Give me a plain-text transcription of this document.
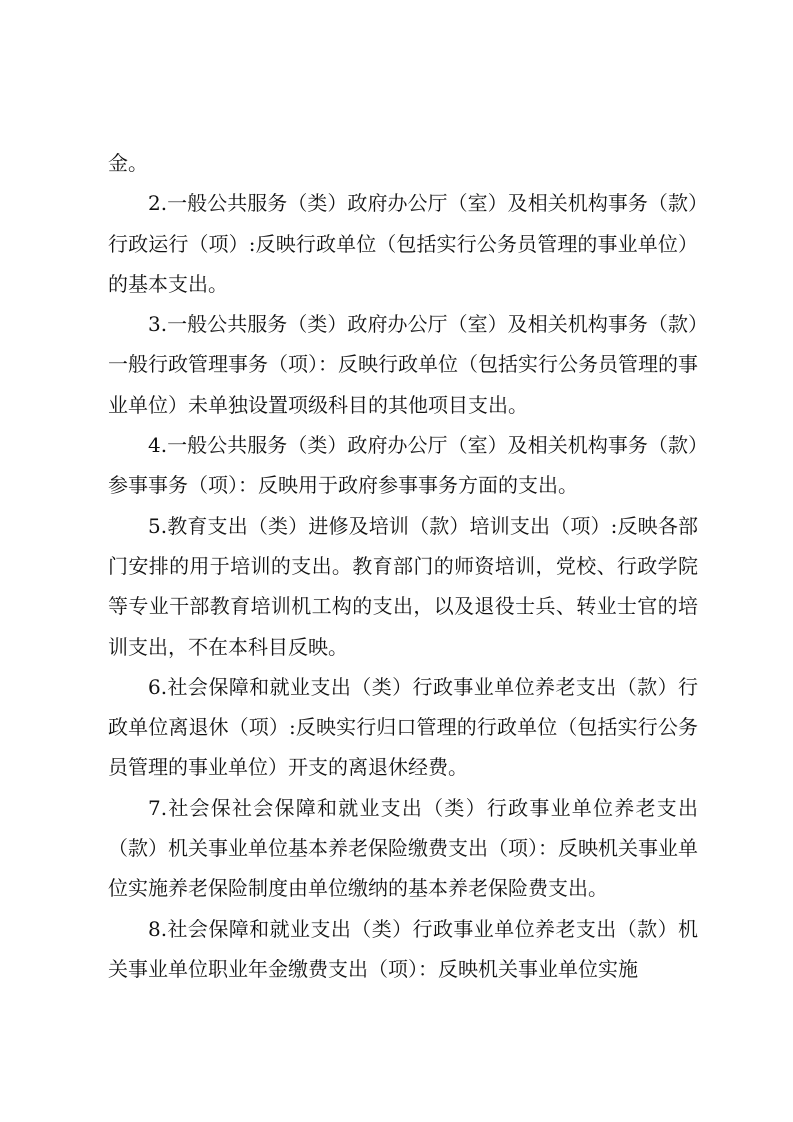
金。

2.一般公共服务（类）政府办公厅（室）及相关机构事务（款）行政运行（项）:反映行政单位（包括实行公务员管理的事业单位）的基本支出。

3.一般公共服务（类）政府办公厅（室）及相关机构事务（款）一般行政管理事务（项）：反映行政单位（包括实行公务员管理的事业单位）未单独设置项级科目的其他项目支出。

4.一般公共服务（类）政府办公厅（室）及相关机构事务（款）参事事务（项）：反映用于政府参事事务方面的支出。

5.教育支出（类）进修及培训（款）培训支出（项）:反映各部门安排的用于培训的支出。教育部门的师资培训，党校、行政学院等专业干部教育培训机工构的支出，以及退役士兵、转业士官的培训支出，不在本科目反映。

6.社会保障和就业支出（类）行政事业单位养老支出（款）行政单位离退休（项）:反映实行归口管理的行政单位（包括实行公务员管理的事业单位）开支的离退休经费。

7.社会保社会保障和就业支出（类）行政事业单位养老支出（款）机关事业单位基本养老保险缴费支出（项）：反映机关事业单位实施养老保险制度由单位缴纳的基本养老保险费支出。

8.社会保障和就业支出（类）行政事业单位养老支出（款）机关事业单位职业年金缴费支出（项）：反映机关事业单位实施
